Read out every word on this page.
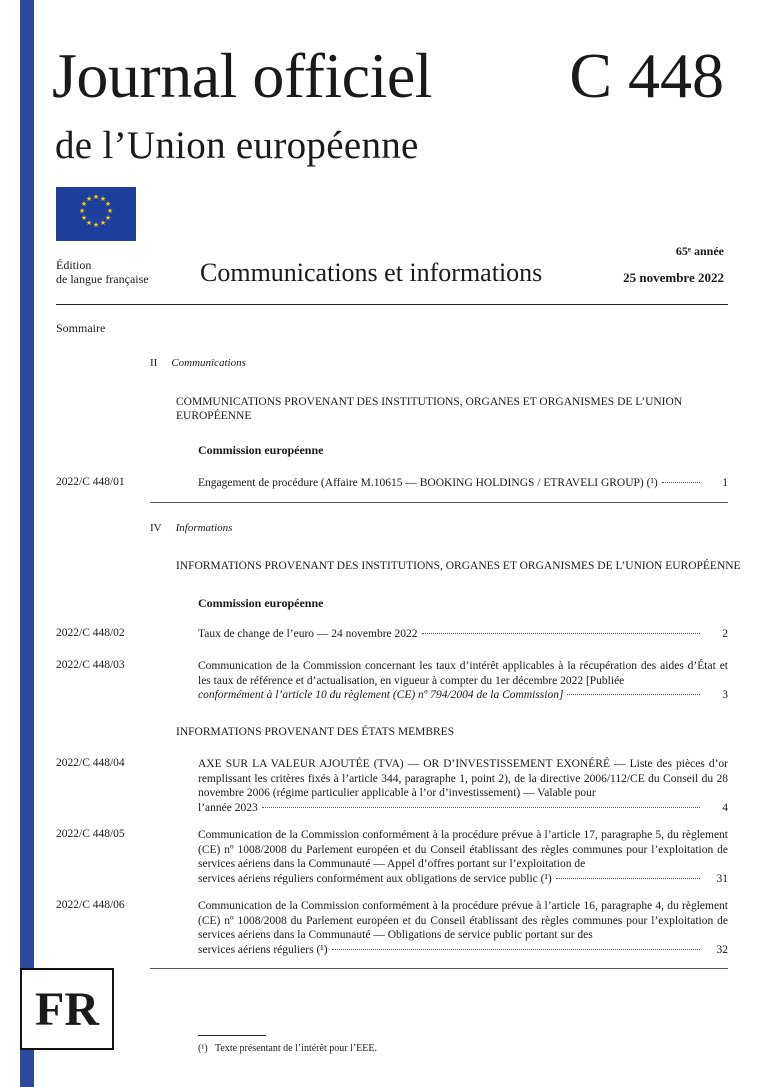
Journal officiel C 448
de l’Union européenne
★ ★
★
★
★
★
★
★
★
★
★
★
Édition
de langue française Communications et informations
65ᵉ année
25 novembre 2022
Sommaire
II Communications
COMMUNICATIONS PROVENANT DES INSTITUTIONS, ORGANES ET ORGANISMES DE L’UNION EUROPÉENNE
Commission européenne
2022/C 448/01	Engagement de procédure (Affaire M.10615 — BOOKING HOLDINGS / ETRAVELI GROUP) (¹)	1
IV Informations
INFORMATIONS PROVENANT DES INSTITUTIONS, ORGANES ET ORGANISMES DE L’UNION EUROPÉENNE
Commission européenne
2022/C 448/02	Taux de change de l’euro — 24 novembre 2022	2
2022/C 448/03	Communication de la Commission concernant les taux d’intérêt applicables à la récupération des aides d’État et les taux de référence et d’actualisation, en vigueur à compter du 1er décembre 2022 [Publiée
conformément à l’article 10 du règlement (CE) nº 794/2004 de la Commission]	3
INFORMATIONS PROVENANT DES ÉTATS MEMBRES
2022/C 448/04	AXE SUR LA VALEUR AJOUTÉE (TVA) — OR D’INVESTISSEMENT EXONÉRÉ — Liste des pièces d’or remplissant les critères fixés à l’article 344, paragraphe 1, point 2), de la directive 2006/112/CE du Conseil du 28 novembre 2006 (régime particulier applicable à l’or d’investissement) — Valable pour
l’année 2023	4
2022/C 448/05	Communication de la Commission conformément à la procédure prévue à l’article 17, paragraphe 5, du règlement (CE) nº 1008/2008 du Parlement européen et du Conseil établissant des règles communes pour l’exploitation de services aériens dans la Communauté — Appel d’offres portant sur l’exploitation de
services aériens réguliers conformément aux obligations de service public (¹)	31
2022/C 448/06	Communication de la Commission conformément à la procédure prévue à l’article 16, paragraphe 4, du règlement (CE) nº 1008/2008 du Parlement européen et du Conseil établissant des règles communes pour l’exploitation de services aériens dans la Communauté — Obligations de service public portant sur des
services aériens réguliers (¹)	32
FR
(¹)   Texte présentant de l’intérêt pour l’EEE.
